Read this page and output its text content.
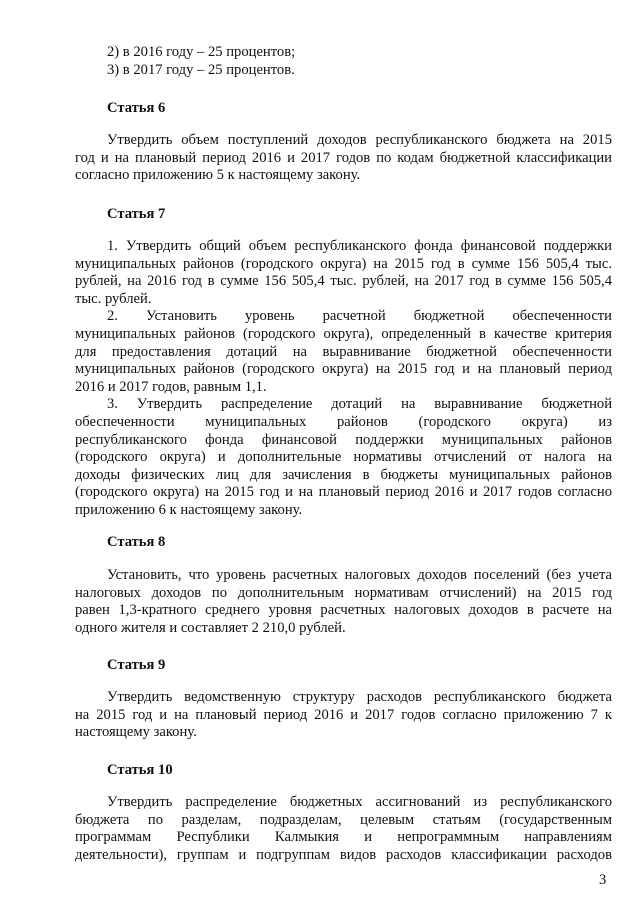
2) в 2016 году – 25 процентов;
3) в 2017 году – 25 процентов.
Статья 6
Утвердить объем поступлений доходов республиканского бюджета на 2015
год и на плановый период 2016 и 2017 годов по кодам бюджетной классификации
согласно приложению 5 к настоящему закону.
Статья 7
1. Утвердить общий объем республиканского фонда финансовой поддержки
муниципальных районов (городского округа) на 2015 год в сумме 156 505,4 тыс.
рублей, на 2016 год в сумме 156 505,4 тыс. рублей, на 2017 год в сумме 156 505,4
тыс. рублей.
2. Установить уровень расчетной бюджетной обеспеченности
муниципальных районов (городского округа), определенный в качестве критерия
для предоставления дотаций на выравнивание бюджетной обеспеченности
муниципальных районов (городского округа) на 2015 год и на плановый период
2016 и 2017 годов, равным 1,1.
3. Утвердить распределение дотаций на выравнивание бюджетной
обеспеченности муниципальных районов (городского округа) из
республиканского фонда финансовой поддержки муниципальных районов
(городского округа) и дополнительные нормативы отчислений от налога на
доходы физических лиц для зачисления в бюджеты муниципальных районов
(городского округа) на 2015 год и на плановый период 2016 и 2017 годов согласно
приложению 6 к настоящему закону.
Статья 8
Установить, что уровень расчетных налоговых доходов поселений (без учета
налоговых доходов по дополнительным нормативам отчислений) на 2015 год
равен 1,3-кратного среднего уровня расчетных налоговых доходов в расчете на
одного жителя и составляет 2 210,0 рублей.
Статья 9
Утвердить ведомственную структуру расходов республиканского бюджета
на 2015 год и на плановый период 2016 и 2017 годов согласно приложению 7 к
настоящему закону.
Статья 10
Утвердить распределение бюджетных ассигнований из республиканского
бюджета по разделам, подразделам, целевым статьям (государственным
программам Республики Калмыкия и непрограммным направлениям
деятельности), группам и подгруппам видов расходов классификации расходов
3
